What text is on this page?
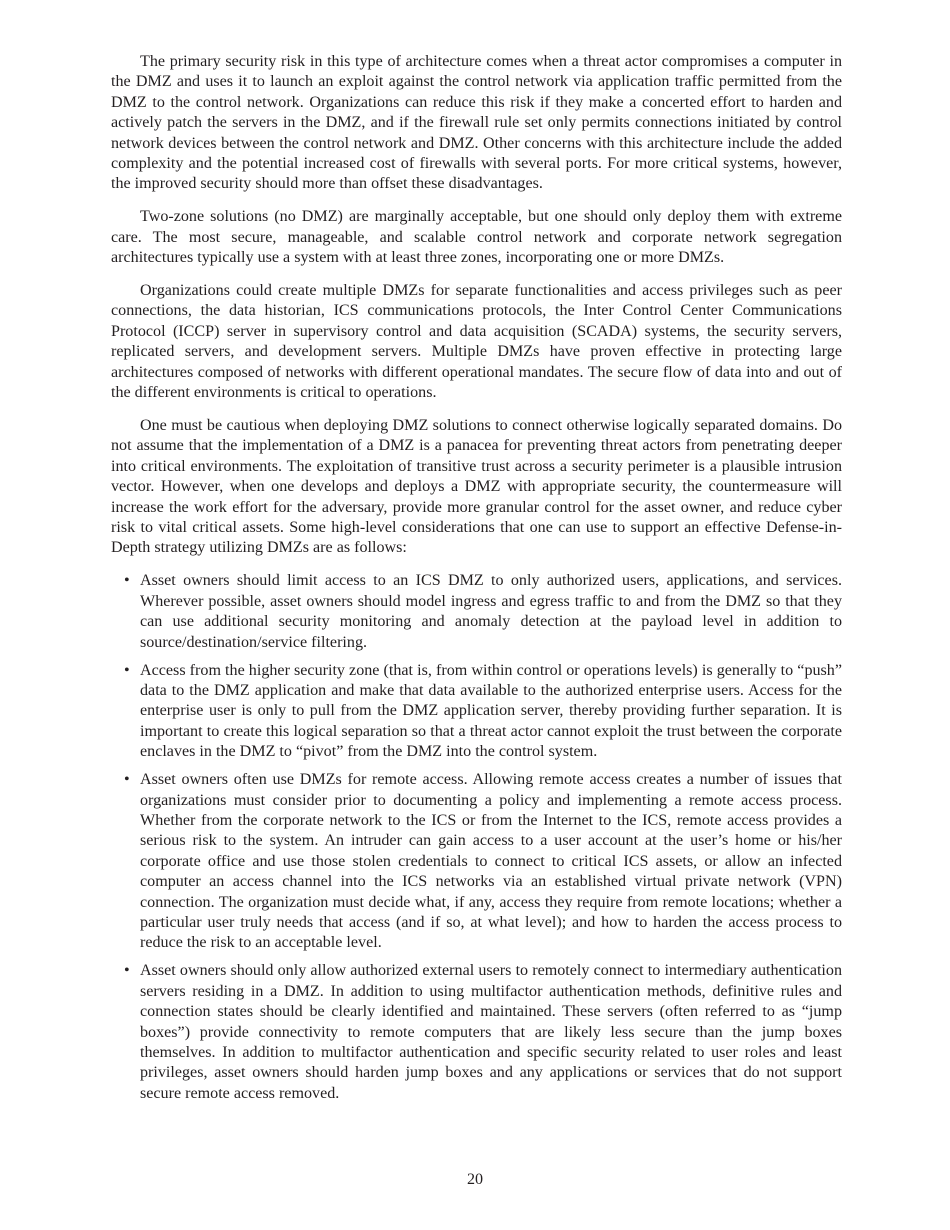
The primary security risk in this type of architecture comes when a threat actor compromises a computer in the DMZ and uses it to launch an exploit against the control network via application traffic permitted from the DMZ to the control network. Organizations can reduce this risk if they make a concerted effort to harden and actively patch the servers in the DMZ, and if the firewall rule set only permits connections initiated by control network devices between the control network and DMZ. Other concerns with this architecture include the added complexity and the potential increased cost of firewalls with several ports. For more critical systems, however, the improved security should more than offset these disadvantages.

Two-zone solutions (no DMZ) are marginally acceptable, but one should only deploy them with extreme care. The most secure, manageable, and scalable control network and corporate network segregation architectures typically use a system with at least three zones, incorporating one or more DMZs.

Organizations could create multiple DMZs for separate functionalities and access privileges such as peer connections, the data historian, ICS communications protocols, the Inter Control Center Communications Protocol (ICCP) server in supervisory control and data acquisition (SCADA) systems, the security servers, replicated servers, and development servers. Multiple DMZs have proven effective in protecting large architectures composed of networks with different operational mandates. The secure flow of data into and out of the different environments is critical to operations.

One must be cautious when deploying DMZ solutions to connect otherwise logically separated domains. Do not assume that the implementation of a DMZ is a panacea for preventing threat actors from penetrating deeper into critical environments. The exploitation of transitive trust across a security perimeter is a plausible intrusion vector. However, when one develops and deploys a DMZ with appropriate security, the countermeasure will increase the work effort for the adversary, provide more granular control for the asset owner, and reduce cyber risk to vital critical assets. Some high-level considerations that one can use to support an effective Defense-in-Depth strategy utilizing DMZs are as follows:

• Asset owners should limit access to an ICS DMZ to only authorized users, applications, and services. Wherever possible, asset owners should model ingress and egress traffic to and from the DMZ so that they can use additional security monitoring and anomaly detection at the payload level in addition to source/destination/service filtering.
• Access from the higher security zone (that is, from within control or operations levels) is generally to “push” data to the DMZ application and make that data available to the authorized enterprise users. Access for the enterprise user is only to pull from the DMZ application server, thereby providing further separation. It is important to create this logical separation so that a threat actor cannot exploit the trust between the corporate enclaves in the DMZ to “pivot” from the DMZ into the control system.
• Asset owners often use DMZs for remote access. Allowing remote access creates a number of issues that organizations must consider prior to documenting a policy and implementing a remote access process. Whether from the corporate network to the ICS or from the Internet to the ICS, remote access provides a serious risk to the system. An intruder can gain access to a user account at the user’s home or his/her corporate office and use those stolen credentials to connect to critical ICS assets, or allow an infected computer an access channel into the ICS networks via an established virtual private network (VPN) connection. The organization must decide what, if any, access they require from remote locations; whether a particular user truly needs that access (and if so, at what level); and how to harden the access process to reduce the risk to an acceptable level.
• Asset owners should only allow authorized external users to remotely connect to intermediary authentication servers residing in a DMZ. In addition to using multifactor authentication methods, definitive rules and connection states should be clearly identified and maintained. These servers (often referred to as “jump boxes”) provide connectivity to remote computers that are likely less secure than the jump boxes themselves. In addition to multifactor authentication and specific security related to user roles and least privileges, asset owners should harden jump boxes and any applications or services that do not support secure remote access removed.
20
